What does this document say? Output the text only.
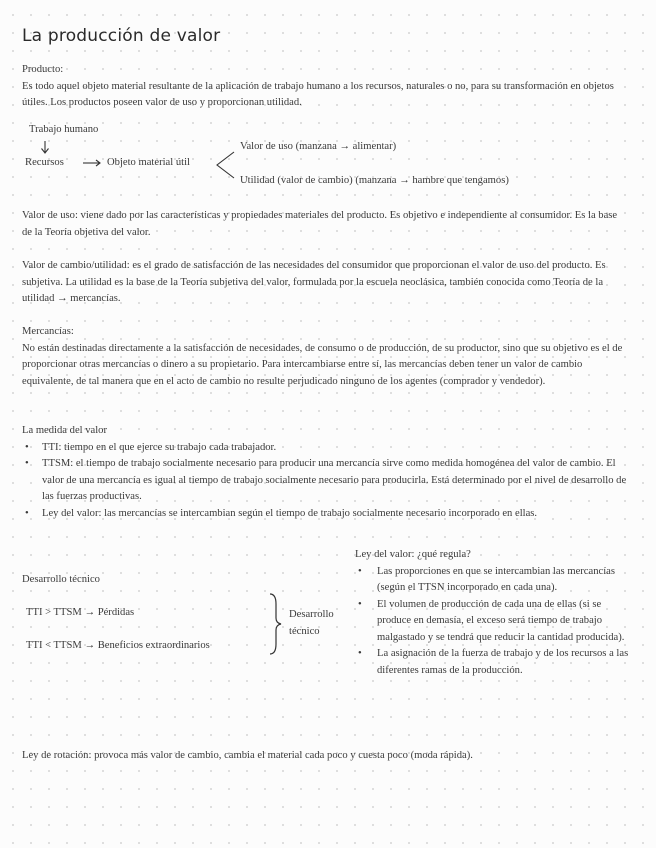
La producción de valor
Producto:
Es todo aquel objeto material resultante de la aplicación de trabajo humano a los recursos, naturales o no, para su transformación en objetos útiles. Los productos poseen valor de uso y proporcionan utilidad.
Trabajo humano
Recursos	Objeto material útil
Valor de uso (manzana → alimentar)
Utilidad (valor de cambio) (manzana → hambre que tengamos)
Valor de uso: viene dado por las características y propiedades materiales del producto. Es objetivo e independiente al consumidor. Es la base de la Teoría objetiva del valor.
Valor de cambio/utilidad: es el grado de satisfacción de las necesidades del consumidor que proporcionan el valor de uso del producto. Es subjetiva. La utilidad es la base de la Teoría subjetiva del valor, formulada por la escuela neoclásica, también conocida como Teoría de la utilidad → mercancías.
Mercancías:
No están destinadas directamente a la satisfacción de necesidades, de consumo o de producción, de su productor, sino que su objetivo es el de proporcionar otras mercancías o dinero a su propietario. Para intercambiarse entre sí, las mercancías deben tener un valor de cambio equivalente, de tal manera que en el acto de cambio no resulte perjudicado ninguno de los agentes (comprador y vendedor).
La medida del valor
• TTI: tiempo en el que ejerce su trabajo cada trabajador.
• TTSM: el tiempo de trabajo socialmente necesario para producir una mercancía sirve como medida homogénea del valor de cambio. El valor de una mercancía es igual al tiempo de trabajo socialmente necesario para producirla. Está determinado por el nivel de desarrollo de las fuerzas productivas.
• Ley del valor: las mercancías se intercambian según el tiempo de trabajo socialmente necesario incorporado en ellas.
Desarrollo técnico
TTI > TTSM → Pérdidas
TTI < TTSM → Beneficios extraordinarios
Desarrollo técnico
Ley del valor: ¿qué regula?
• Las proporciones en que se intercambian las mercancías (según el TTSN incorporado en cada una).
• El volumen de producción de cada una de ellas (si se produce en demasía, el exceso será tiempo de trabajo malgastado y se tendrá que reducir la cantidad producida).
• La asignación de la fuerza de trabajo y de los recursos a las diferentes ramas de la producción.
Ley de rotación: provoca más valor de cambio, cambia el material cada poco y cuesta poco (moda rápida).
